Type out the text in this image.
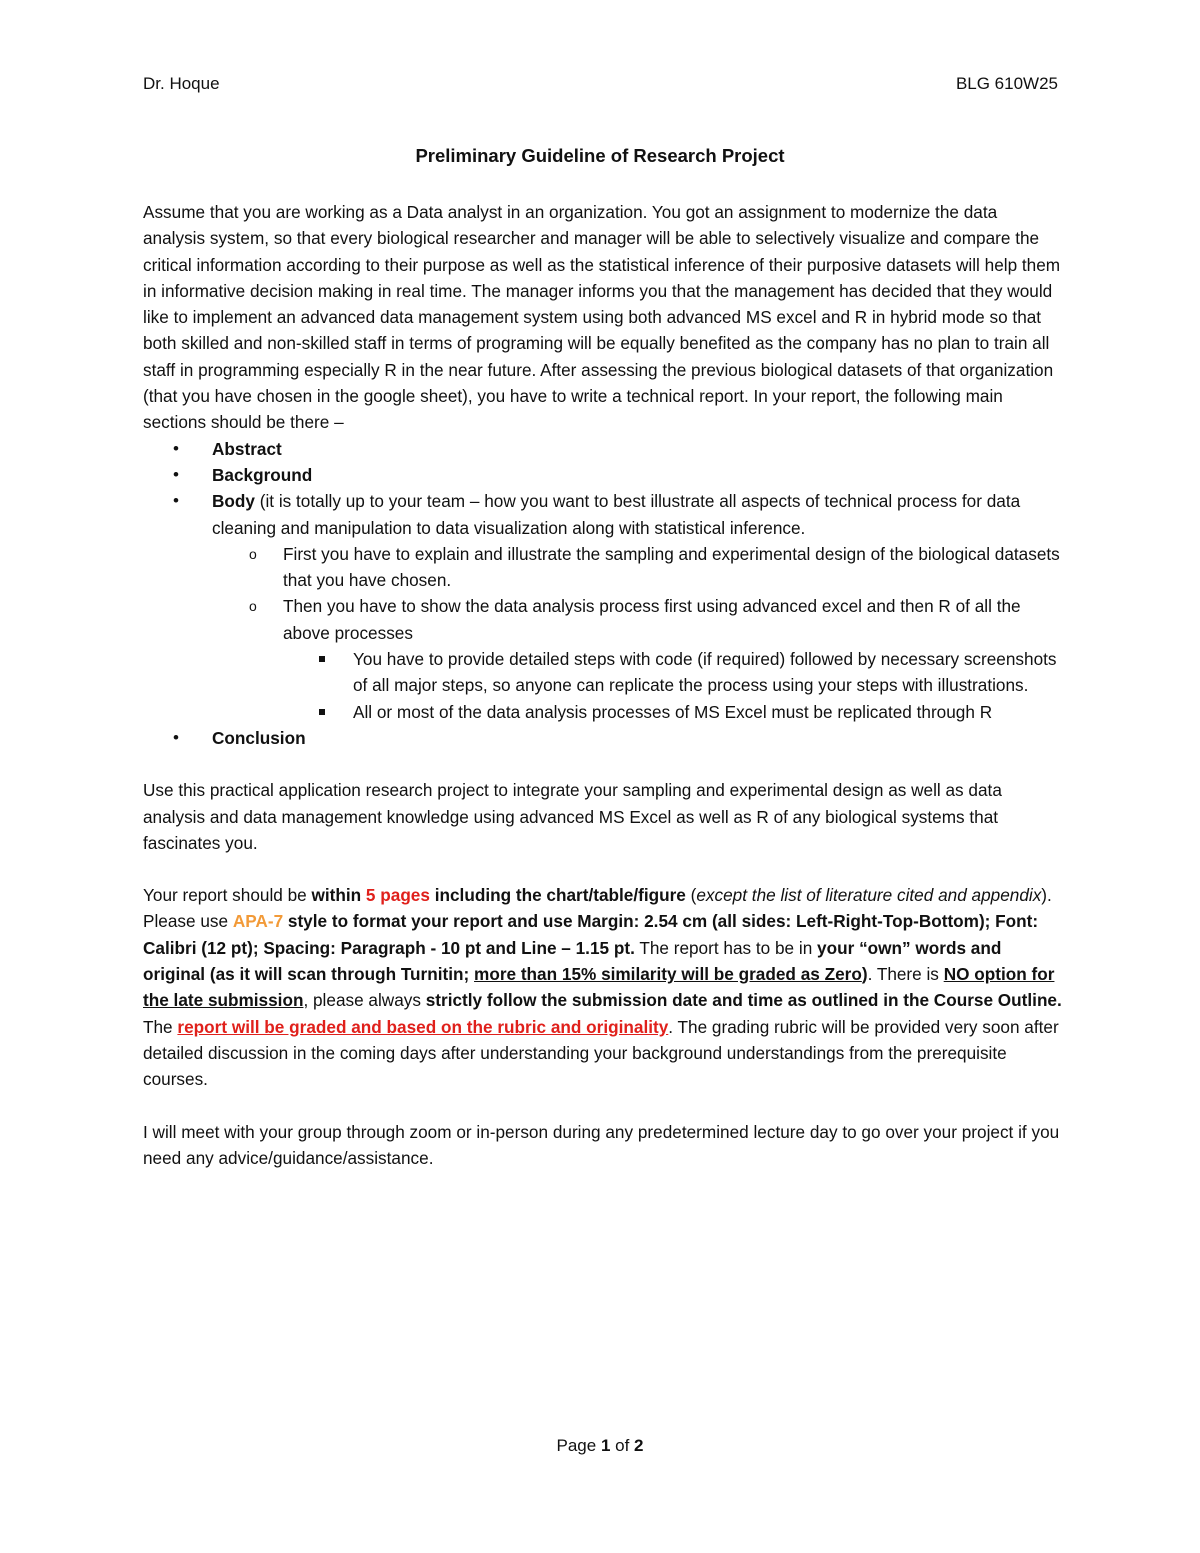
Dr. Hoque	BLG 610W25
Preliminary Guideline of Research Project

Assume that you are working as a Data analyst in an organization. You got an assignment to modernize the data analysis system, so that every biological researcher and manager will be able to selectively visualize and compare the critical information according to their purpose as well as the statistical inference of their purposive datasets will help them in informative decision making in real time. The manager informs you that the management has decided that they would like to implement an advanced data management system using both advanced MS excel and R in hybrid mode so that both skilled and non-skilled staff in terms of programing will be equally benefited as the company has no plan to train all staff in programming especially R in the near future. After assessing the previous biological datasets of that organization (that you have chosen in the google sheet), you have to write a technical report. In your report, the following main sections should be there –

• Abstract
• Background
• Body (it is totally up to your team – how you want to best illustrate all aspects of technical process for data cleaning and manipulation to data visualization along with statistical inference.
o First you have to explain and illustrate the sampling and experimental design of the biological datasets that you have chosen.
o Then you have to show the data analysis process first using advanced excel and then R of all the above processes
You have to provide detailed steps with code (if required) followed by necessary screenshots of all major steps, so anyone can replicate the process using your steps with illustrations.
All or most of the data analysis processes of MS Excel must be replicated through R
• Conclusion

Use this practical application research project to integrate your sampling and experimental design as well as data analysis and data management knowledge using advanced MS Excel as well as R of any biological systems that fascinates you.

Your report should be within 5 pages including the chart/table/figure (except the list of literature cited and appendix). Please use APA-7 style to format your report and use Margin: 2.54 cm (all sides: Left-Right-Top-Bottom); Font: Calibri (12 pt); Spacing: Paragraph - 10 pt and Line – 1.15 pt. The report has to be in your “own” words and original (as it will scan through Turnitin; more than 15% similarity will be graded as Zero). There is NO option for the late submission, please always strictly follow the submission date and time as outlined in the Course Outline. The report will be graded and based on the rubric and originality. The grading rubric will be provided very soon after detailed discussion in the coming days after understanding your background understandings from the prerequisite courses.

I will meet with your group through zoom or in-person during any predetermined lecture day to go over your project if you need any advice/guidance/assistance.

Page 1 of 2
